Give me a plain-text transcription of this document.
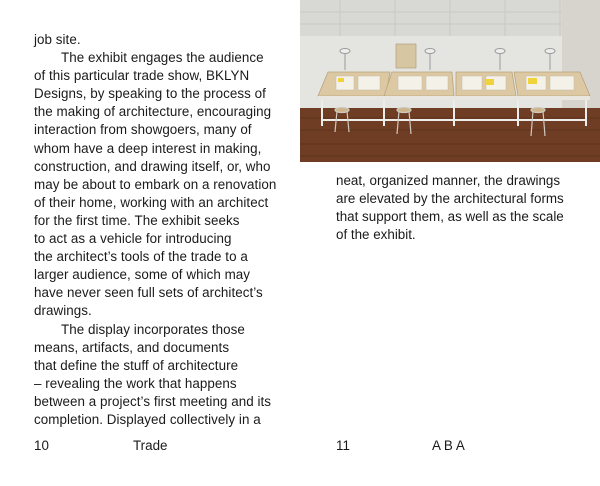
job site.
The exhibit engages the audience
of this particular trade show, BKLYN
Designs, by speaking to the process of
the making of architecture, encouraging
interaction from showgoers, many of
whom have a deep interest in making,
construction, and drawing itself, or, who
may be about to embark on a renovation
of their home, working with an architect
for the first time. The exhibit seeks
to act as a vehicle for introducing
the architect’s tools of the trade to a
larger audience, some of which may
have never seen full sets of architect’s
drawings.
The display incorporates those
means, artifacts, and documents
that define the stuff of architecture
– revealing the work that happens
between a project’s first meeting and its
completion. Displayed collectively in a
neat, organized manner, the drawings
are elevated by the architectural forms
that support them, as well as the scale
of the exhibit.
10	Trade	11	A B A
